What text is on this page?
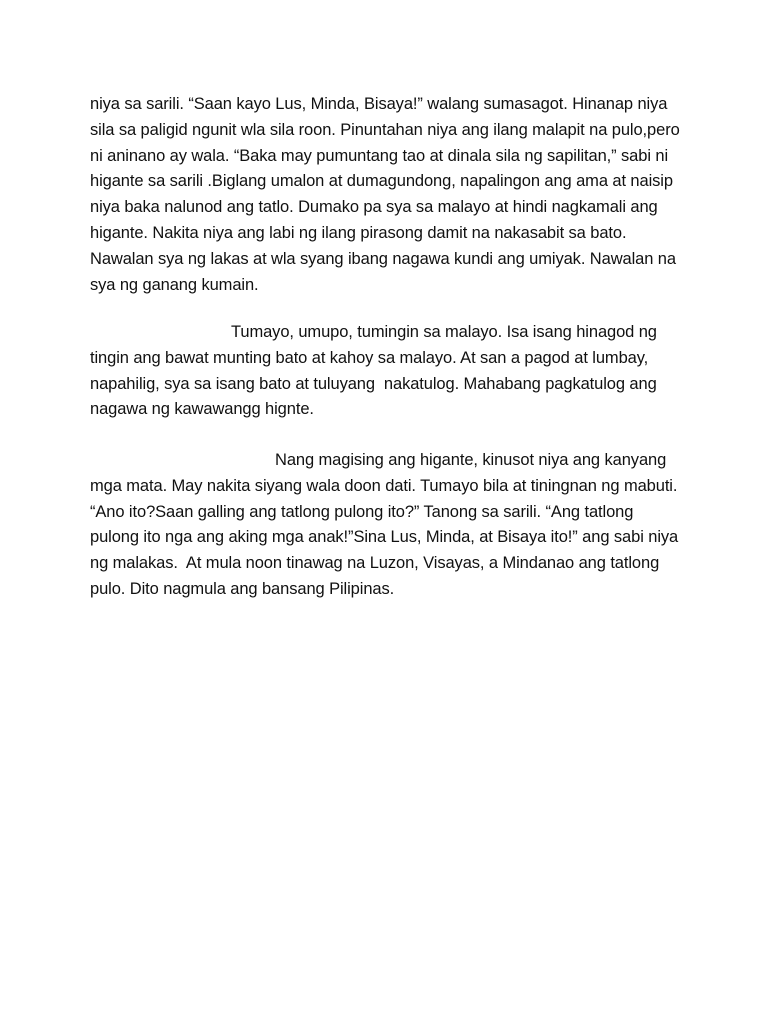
niya sa sarili. “Saan kayo Lus, Minda, Bisaya!” walang sumasagot. Hinanap niya
sila sa paligid ngunit wla sila roon. Pinuntahan niya ang ilang malapit na pulo,pero
ni aninano ay wala. “Baka may pumuntang tao at dinala sila ng sapilitan,” sabi ni
higante sa sarili .Biglang umalon at dumagundong, napalingon ang ama at naisip
niya baka nalunod ang tatlo. Dumako pa sya sa malayo at hindi nagkamali ang
higante. Nakita niya ang labi ng ilang pirasong damit na nakasabit sa bato.
Nawalan sya ng lakas at wla syang ibang nagawa kundi ang umiyak. Nawalan na
sya ng ganang kumain.
Tumayo, umupo, tumingin sa malayo. Isa isang hinagod ng
tingin ang bawat munting bato at kahoy sa malayo. At san a pagod at lumbay,
napahilig, sya sa isang bato at tuluyang  nakatulog. Mahabang pagkatulog ang
nagawa ng kawawangg hignte.
Nang magising ang higante, kinusot niya ang kanyang
mga mata. May nakita siyang wala doon dati. Tumayo bila at tiningnan ng mabuti.
“Ano ito?Saan galling ang tatlong pulong ito?” Tanong sa sarili. “Ang tatlong
pulong ito nga ang aking mga anak!”Sina Lus, Minda, at Bisaya ito!” ang sabi niya
ng malakas.  At mula noon tinawag na Luzon, Visayas, a Mindanao ang tatlong
pulo. Dito nagmula ang bansang Pilipinas.
